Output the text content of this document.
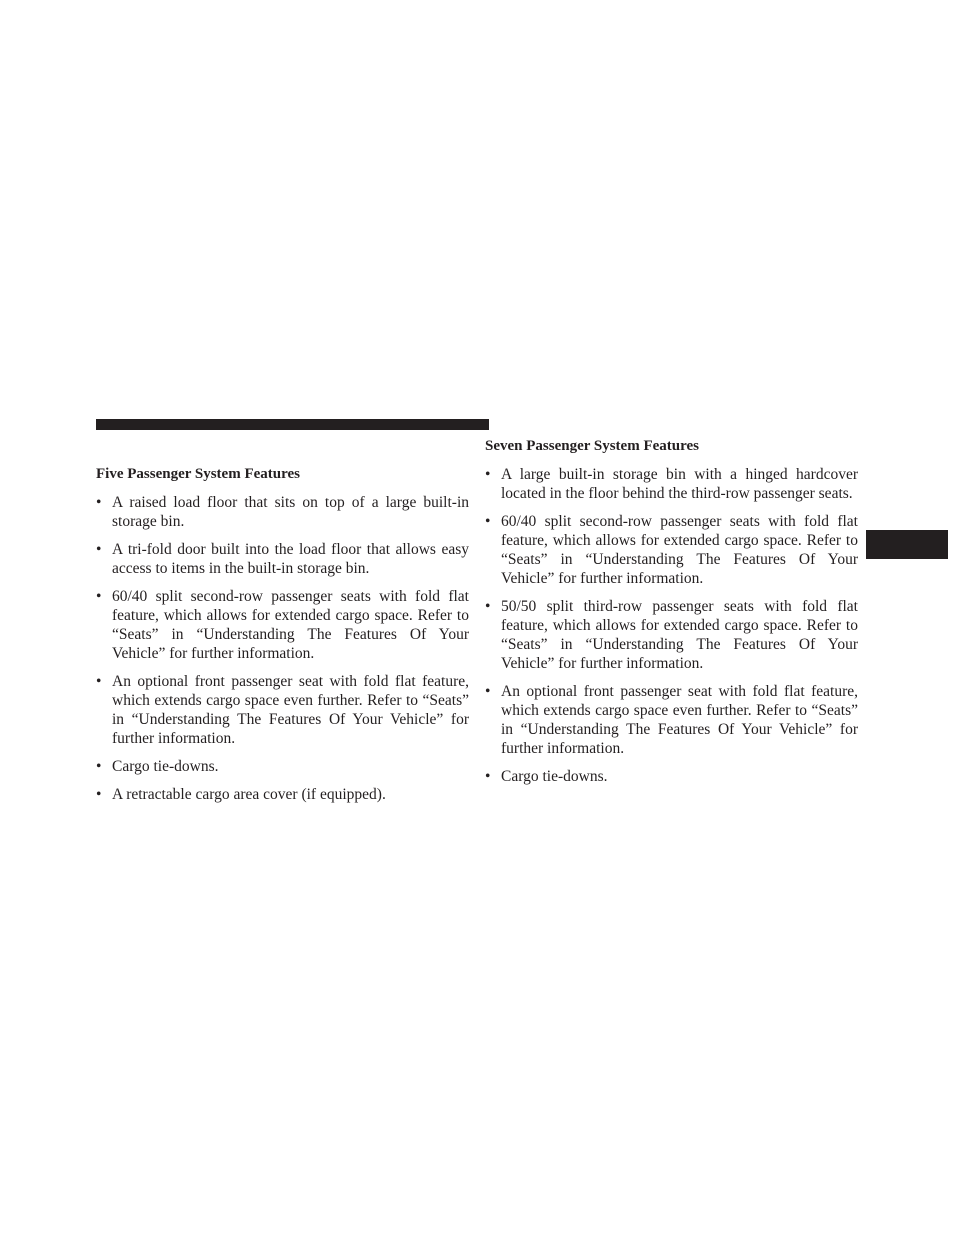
Five Passenger System Features
• A raised load floor that sits on top of a large built-in storage bin.
• A tri-fold door built into the load floor that allows easy access to items in the built-in storage bin.
• 60/40 split second-row passenger seats with fold flat feature, which allows for extended cargo space. Refer to “Seats” in “Understanding The Features Of Your Vehicle” for further information.
• An optional front passenger seat with fold flat feature, which extends cargo space even further. Refer to “Seats” in “Understanding The Features Of Your Vehicle” for further information.
• Cargo tie-downs.
• A retractable cargo area cover (if equipped).
Seven Passenger System Features
• A large built-in storage bin with a hinged hardcover located in the floor behind the third-row passenger seats.
• 60/40 split second-row passenger seats with fold flat feature, which allows for extended cargo space. Refer to “Seats” in “Understanding The Features Of Your Vehicle” for further information.
• 50/50 split third-row passenger seats with fold flat feature, which allows for extended cargo space. Refer to “Seats” in “Understanding The Features Of Your Vehicle” for further information.
• An optional front passenger seat with fold flat feature, which extends cargo space even further. Refer to “Seats” in “Understanding The Features Of Your Vehicle” for further information.
• Cargo tie-downs.
